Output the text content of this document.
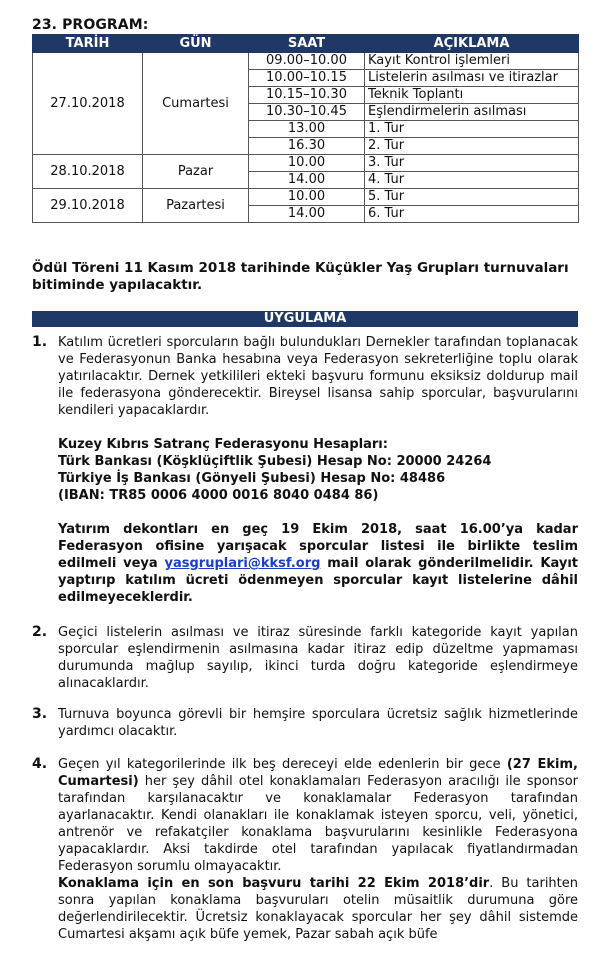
23. PROGRAM:
TARİH	GÜN	SAAT	AÇIKLAMA
27.10.2018	Cumartesi	09.00–10.00	Kayıt Kontrol işlemleri
		10.00–10.15	Listelerin asılması ve itirazlar
		10.15–10.30	Teknik Toplantı
		10.30–10.45	Eşlendirmelerin asılması
		13.00	1. Tur
		16.30	2. Tur
28.10.2018	Pazar	10.00	3. Tur
		14.00	4. Tur
29.10.2018	Pazartesi	10.00	5. Tur
		14.00	6. Tur
Ödül Töreni 11 Kasım 2018 tarihinde Küçükler Yaş Grupları turnuvaları bitiminde yapılacaktır.
UYGULAMA
1. Katılım ücretleri sporcuların bağlı bulundukları Dernekler tarafından toplanacak ve Federasyonun Banka hesabına veya Federasyon sekreterliğine toplu olarak yatırılacaktır. Dernek yetkilileri ekteki başvuru formunu eksiksiz doldurup mail ile federasyona gönderecektir. Bireysel lisansa sahip sporcular, başvurularını kendileri yapacaklardır.

Kuzey Kıbrıs Satranç Federasyonu Hesapları:

Türk Bankası (Köşklüçiftlik Şubesi) Hesap No: 20000 24264

Türkiye İş Bankası (Gönyeli Şubesi) Hesap No: 48486

(IBAN: TR85 0006 4000 0016 8040 0484 86)

Yatırım dekontları en geç 19 Ekim 2018, saat 16.00’ya kadar Federasyon ofisine yarışacak sporcular listesi ile birlikte teslim edilmeli veya yasgruplari@kksf.org mail olarak gönderilmelidir. Kayıt yaptırıp katılım ücreti ödenmeyen sporcular kayıt listelerine dâhil edilmeyeceklerdir.

2. Geçici listelerin asılması ve itiraz süresinde farklı kategoride kayıt yapılan sporcular eşlendirmenin asılmasına kadar itiraz edip düzeltme yapmaması durumunda mağlup sayılıp, ikinci turda doğru kategoride eşlendirmeye alınacaklardır.

3. Turnuva boyunca görevli bir hemşire sporculara ücretsiz sağlık hizmetlerinde yardımcı olacaktır.

4. Geçen yıl kategorilerinde ilk beş dereceyi elde edenlerin bir gece (27 Ekim, Cumartesi) her şey dâhil otel konaklamaları Federasyon aracılığı ile sponsor tarafından karşılanacaktır ve konaklamalar Federasyon tarafından ayarlanacaktır. Kendi olanakları ile konaklamak isteyen sporcu, veli, yönetici, antrenör ve refakatçiler konaklama başvurularını kesinlikle Federasyona yapacaklardır. Aksi takdirde otel tarafından yapılacak fiyatlandırmadan Federasyon sorumlu olmayacaktır.

Konaklama için en son başvuru tarihi 22 Ekim 2018’dir. Bu tarihten sonra yapılan konaklama başvuruları otelin müsaitlik durumuna göre değerlendirilecektir. Ücretsiz konaklayacak sporcular her şey dâhil sistemde Cumartesi akşamı açık büfe yemek, Pazar sabah açık büfe
